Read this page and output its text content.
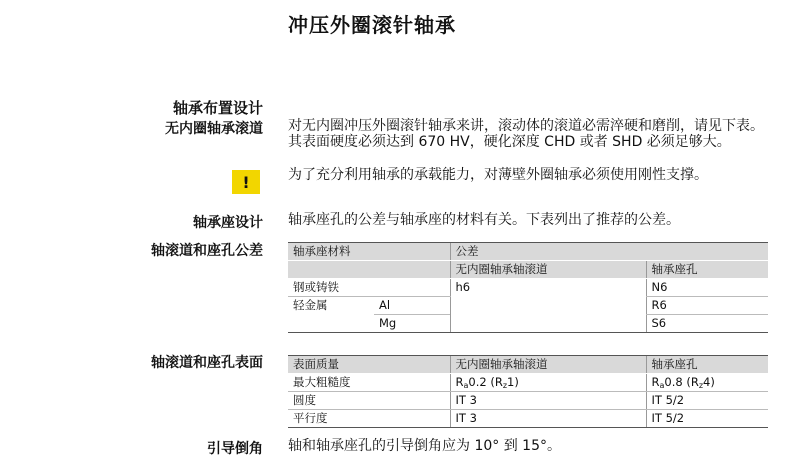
冲压外圈滚针轴承
轴承布置设计
无内圈轴承滚道 对无内圈冲压外圈滚针轴承来讲，滚动体的滚道必需淬硬和磨削，请见下表。其表面硬度必须达到 670 HV，硬化深度 CHD 或者 SHD 必须足够大。
!	为了充分利用轴承的承载能力，对薄壁外圈轴承必须使用刚性支撑。
轴承座设计 轴承座孔的公差与轴承座的材料有关。下表列出了推荐的公差。
轴滚道和座孔公差	轴承座材料		公差	
		无内圈轴承轴滚道	轴承座孔
钢或铸铁		h6	N6
轻金属	Al		R6
	Mg		S6
轴滚道和座孔表面	表面质量	无内圈轴承轴滚道	轴承座孔
最大粗糙度	$R_a0.2$ $(R_z1)$	$R_a0.8$ $(R_z4)$
圆度	IT 3	IT 5/2
平行度	IT 3	IT 5/2
引导倒角 轴和轴承座孔的引导倒角应为 10° 到 15°。
